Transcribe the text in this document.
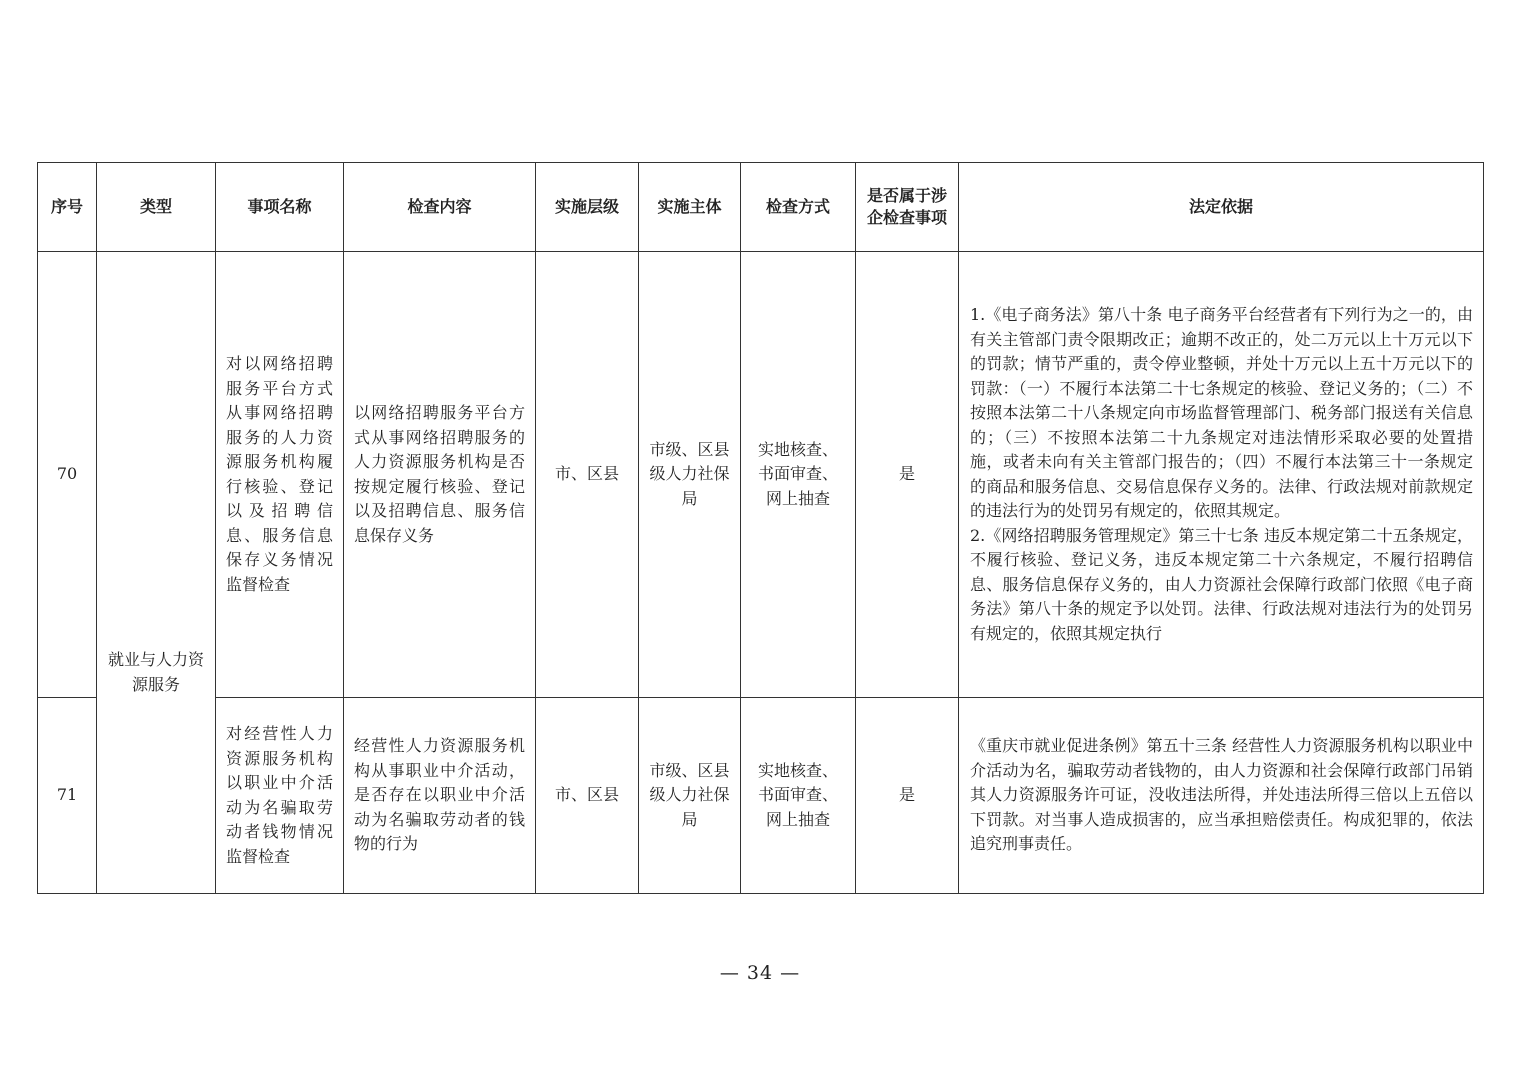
序号	类型	事项名称	检查内容	实施层级	实施主体	检查方式	是否属于涉企检查事项	法定依据
70	就业与人力资源服务	对以网络招聘服务平台方式从事网络招聘服务的人力资源服务机构履行核验、登记以及招聘信息、服务信息保存义务情况监督检查	以网络招聘服务平台方式从事网络招聘服务的人力资源服务机构是否按规定履行核验、登记以及招聘信息、服务信息保存义务	市、区县	市级、区县级人力社保局	实地核查、书面审查、网上抽查	是	1.《电子商务法》第八十条 电子商务平台经营者有下列行为之一的，由有关主管部门责令限期改正；逾期不改正的，处二万元以上十万元以下的罚款；情节严重的，责令停业整顿，并处十万元以上五十万元以下的罚款：（一）不履行本法第二十七条规定的核验、登记义务的；（二）不按照本法第二十八条规定向市场监督管理部门、税务部门报送有关信息的；（三）不按照本法第二十九条规定对违法情形采取必要的处置措施，或者未向有关主管部门报告的；（四）不履行本法第三十一条规定的商品和服务信息、交易信息保存义务的。法律、行政法规对前款规定的违法行为的处罚另有规定的，依照其规定。

2.《网络招聘服务管理规定》第三十七条 违反本规定第二十五条规定，不履行核验、登记义务，违反本规定第二十六条规定，不履行招聘信息、服务信息保存义务的，由人力资源社会保障行政部门依照《电子商务法》第八十条的规定予以处罚。法律、行政法规对违法行为的处罚另有规定的，依照其规定执行

71		对经营性人力资源服务机构以职业中介活动为名骗取劳动者钱物情况监督检查	经营性人力资源服务机构从事职业中介活动，是否存在以职业中介活动为名骗取劳动者的钱物的行为	市、区县	市级、区县级人力社保局	实地核查、书面审查、网上抽查	是	《重庆市就业促进条例》第五十三条 经营性人力资源服务机构以职业中介活动为名，骗取劳动者钱物的，由人力资源和社会保障行政部门吊销其人力资源服务许可证，没收违法所得，并处违法所得三倍以上五倍以下罚款。对当事人造成损害的，应当承担赔偿责任。构成犯罪的，依法追究刑事责任。

— 34 —
